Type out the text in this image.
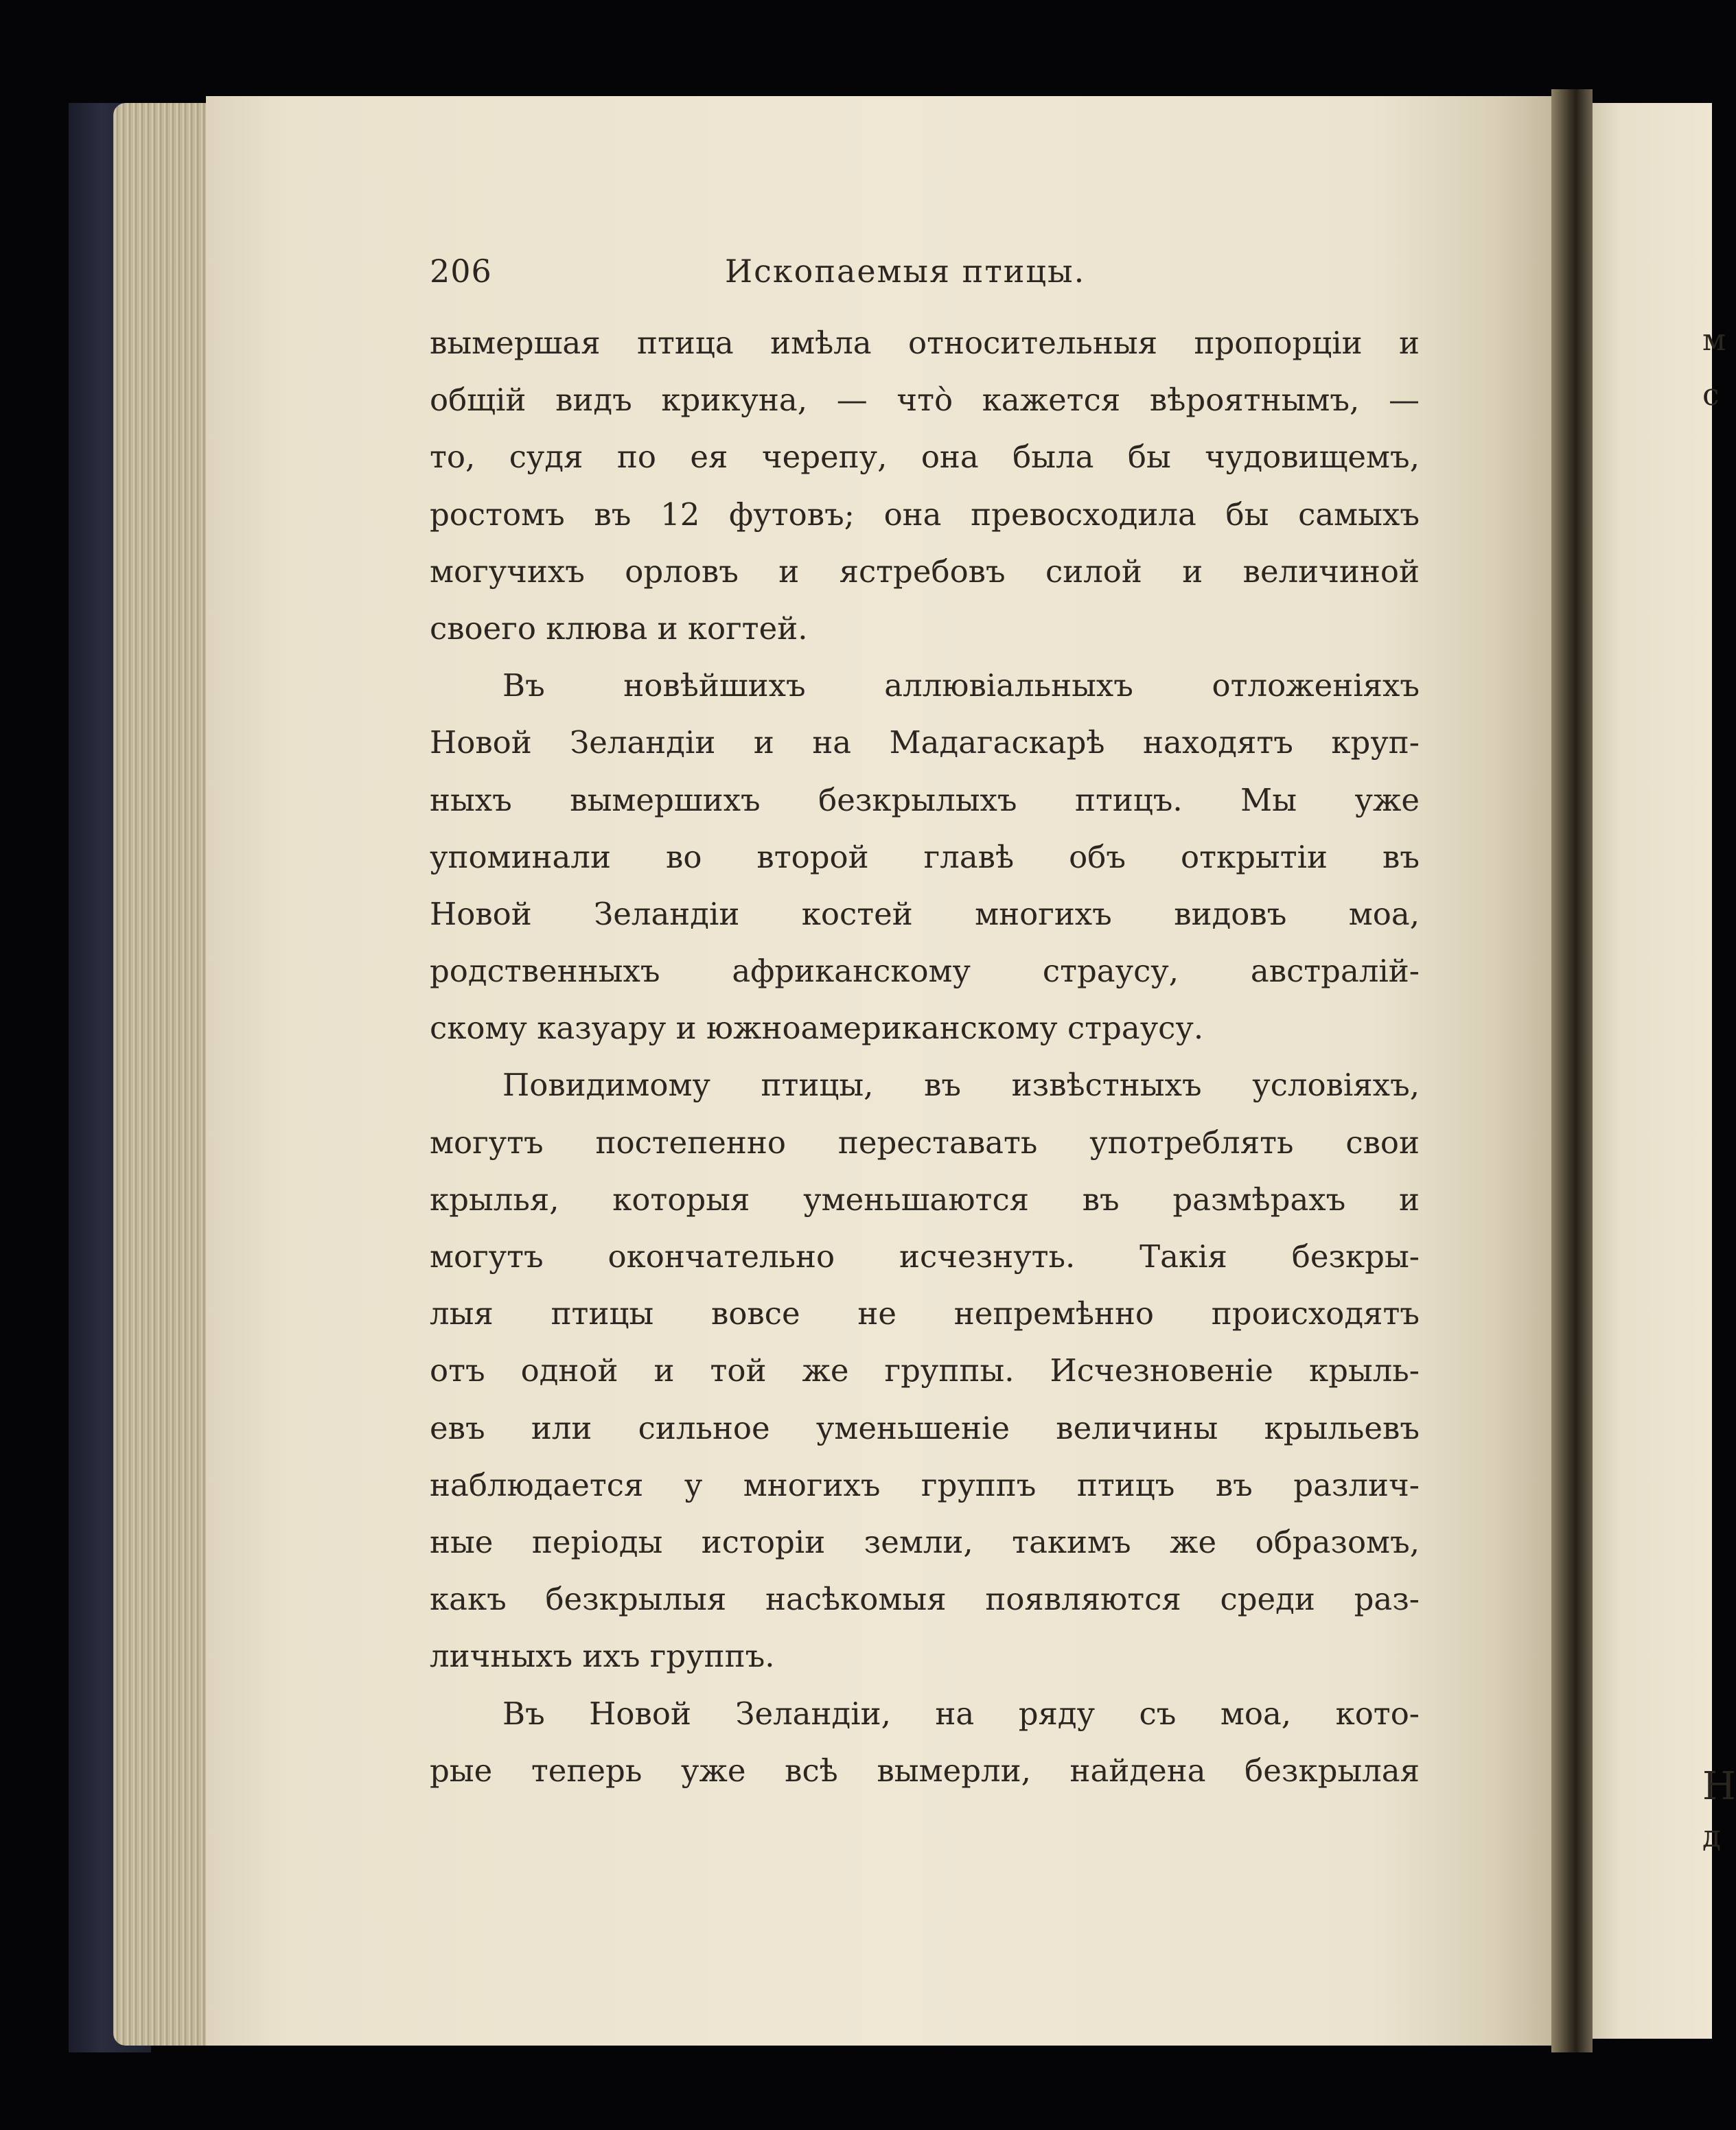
м
с
Н
д
206	Ископаемыя птицы.
вымершая птица имѣла относительныя пропорціи и
общій видъ крикуна, — что̀ кажется вѣроятнымъ, —
то, судя по ея черепу, она была бы чудовищемъ,
ростомъ въ 12 футовъ; она превосходила бы самыхъ
могучихъ орловъ и ястребовъ силой и величиной
своего клюва и когтей.
Въ новѣйшихъ аллювіальныхъ отложеніяхъ
Новой Зеландіи и на Мадагаскарѣ находятъ круп-
ныхъ вымершихъ безкрылыхъ птицъ. Мы уже
упоминали во второй главѣ объ открытіи въ
Новой Зеландіи костей многихъ видовъ моа,
родственныхъ африканскому страусу, австралій-
скому казуару и южноамериканскому страусу.
Повидимому птицы, въ извѣстныхъ условіяхъ,
могутъ постепенно переставать употреблять свои
крылья, которыя уменьшаются въ размѣрахъ и
могутъ окончательно исчезнуть. Такія безкры-
лыя птицы вовсе не непремѣнно происходятъ
отъ одной и той же группы. Исчезновеніе крыль-
евъ или сильное уменьшеніе величины крыльевъ
наблюдается у многихъ группъ птицъ въ различ-
ные періоды исторіи земли, такимъ же образомъ,
какъ безкрылыя насѣкомыя появляются среди раз-
личныхъ ихъ группъ.
Въ Новой Зеландіи, на ряду съ моа, кото-
рые теперь уже всѣ вымерли, найдена безкрылая
